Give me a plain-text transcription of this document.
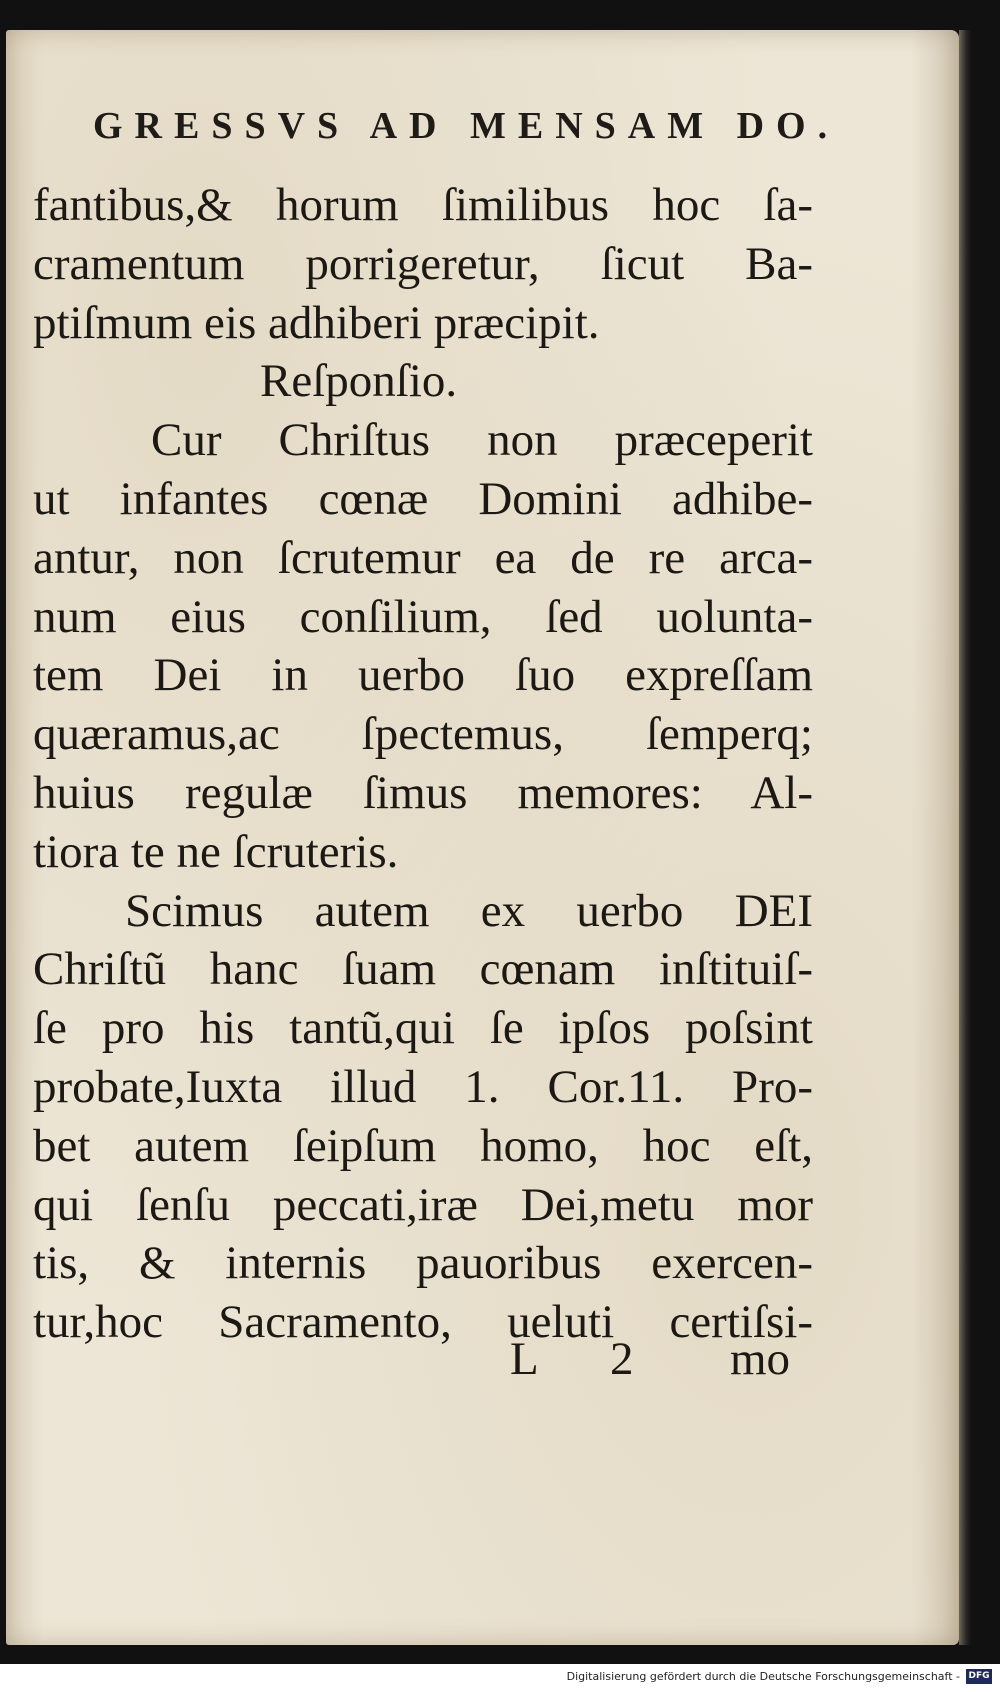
GRESSVS AD MENSAM DO.
fantibus,& horum ſimilibus hoc ſa-
cramentum porrigeretur, ſicut Ba-
ptiſmum eis adhiberi præcipit.
Reſponſio.
Cur Chriſtus non præceperit
ut infantes cœnæ Domini adhibe-
antur, non ſcrutemur ea de re arca-
num eius conſilium, ſed uolunta-
tem Dei in uerbo ſuo expreſſam
quæramus,ac ſpectemus, ſemperq;
huius regulæ ſimus memores: Al-
tiora te ne ſcruteris.
Scimus autem ex uerbo DEI
Chriſtũ hanc ſuam cœnam inſtituiſ-
ſe pro his tantũ,qui ſe ipſos poſsint
probate,Iuxta illud 1. Cor.11. Pro-
bet autem ſeipſum homo, hoc eſt,
qui ſenſu peccati,iræ Dei,metu mor
tis, & internis pauoribus exercen-
tur,hoc Sacramento, ueluti certiſsi-
L 2 mo
Digitalisierung gefördert durch die Deutsche Forschungsgemeinschaft - DFG
